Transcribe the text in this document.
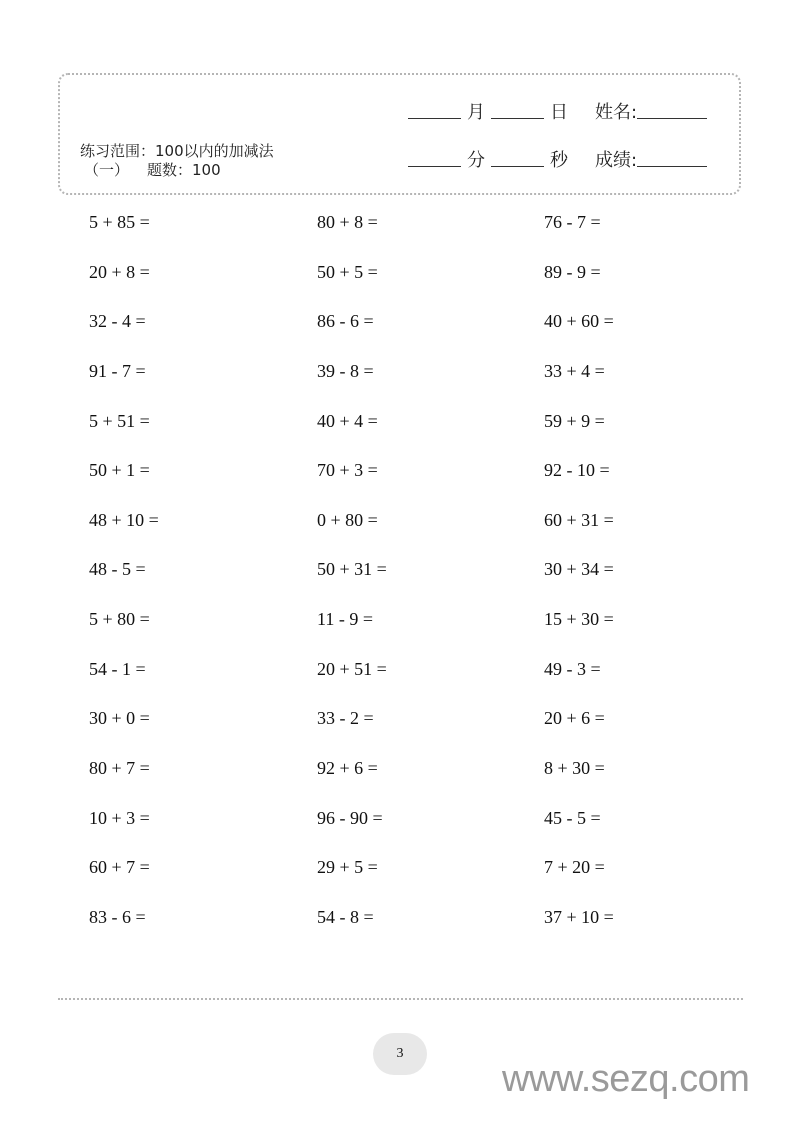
练习范围：100以内的加减法
（一） 题数：100
月	日 姓名:
分	秒 成绩:
5 + 85 =	80 + 8 =	76 - 7 =
20 + 8 =	50 + 5 =	89 - 9 =
32 - 4 =	86 - 6 =	40 + 60 =
91 - 7 =	39 - 8 =	33 + 4 =
5 + 51 =	40 + 4 =	59 + 9 =
50 + 1 =	70 + 3 =	92 - 10 =
48 + 10 =	0 + 80 =	60 + 31 =
48 - 5 =	50 + 31 =	30 + 34 =
5 + 80 =	11 - 9 =	15 + 30 =
54 - 1 =	20 + 51 =	49 - 3 =
30 + 0 =	33 - 2 =	20 + 6 =
80 + 7 =	92 + 6 =	8 + 30 =
10 + 3 =	96 - 90 =	45 - 5 =
60 + 7 =	29 + 5 =	7 + 20 =
83 - 6 =	54 - 8 =	37 + 10 =
3
www.sezq.com
